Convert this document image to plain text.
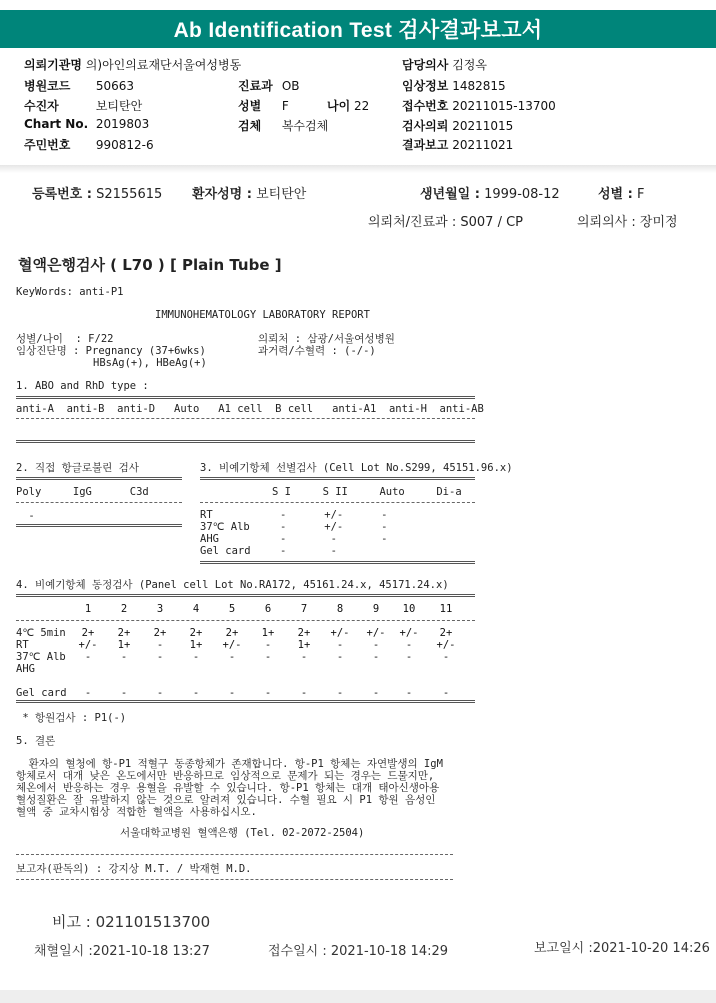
Ab Identification Test 검사결과보고서
의뢰기관명 의)아인의료재단서울여성병동	담당의사 김정옥
병원코드 50663	진료과 OB	임상정보 1482815
수진자	보티탄안	성별 F	나이 22	접수번호 20211015-13700
Chart No. 2019803	검체 복수검체	검사의뢰 20211015
주민번호 990812-6	결과보고 20211021
등록번호 : S2155615 환자성명 : 보티탄안	생년월일 : 1999-08-12	성별 : F
의뢰처/진료과 : S007 / CP	의뢰의사 : 장미정
혈액은행검사 ( L70 ) [ Plain Tube ]
KeyWords: anti-P1
IMMUNOHEMATOLOGY LABORATORY REPORT
성별/나이  : F/22	의뢰처 : 삼광/서울여성병원
임상진단명 : Pregnancy (37+6wks)	과거력/수혈력 : (-/-)
HBsAg(+), HBeAg(+)
1. ABO and RhD type :
anti-A  anti-B  anti-D   Auto   A1 cell  B cell   anti-A1  anti-H  anti-AB
2. 직접 항글로불린 검사
Poly     IgG      C3d
-
3. 비예기항체 선별검사 (Cell Lot No.S299, 45151.96.x)
S I     S II     Auto     Di-a
RT	-      +/-      -
37℃ Alb	-      +/-      -
AHG	-       -       -
Gel card	-       -
4. 비예기항체 동정검사 (Panel cell Lot No.RA172, 45161.24.x, 45171.24.x)
1	2	3	4	5	6	7	8	9	10	11
4℃ 5min	2+	2+	2+	2+	2+	1+	2+	+/-	+/-	+/-	2+
RT	+/-	1+	-	1+	+/-	-	1+	-	-	-	+/-
37℃ Alb	-	-	-	-	-	-	-	-	-	-	-
AHG
Gel card	-	-	-	-	-	-	-	-	-	-	-
* 항원검사 : P1(-)
5. 결론
환자의 혈청에 항-P1 적혈구 동종항체가 존재합니다. 항-P1 항체는 자연발생의 IgM
항체로서 대개 낮은 온도에서만 반응하므로 임상적으로 문제가 되는 경우는 드물지만,
체온에서 반응하는 경우 용혈을 유발할 수 있습니다. 항-P1 항체는 대개 태아신생아용
혈성질환은 잘 유발하지 않는 것으로 알려져 있습니다. 수혈 필요 시 P1 항원 음성인
혈액 중 교차시험상 적합한 혈액을 사용하십시오.
서울대학교병원 혈액은행 (Tel. 02-2072-2504)
보고자(판독의) : 강지상 M.T. / 박재현 M.D.
비고 : 021101513700
채혈일시 :2021-10-18 13:27	접수일시 : 2021-10-18 14:29	보고일시 :2021-10-20 14:26
